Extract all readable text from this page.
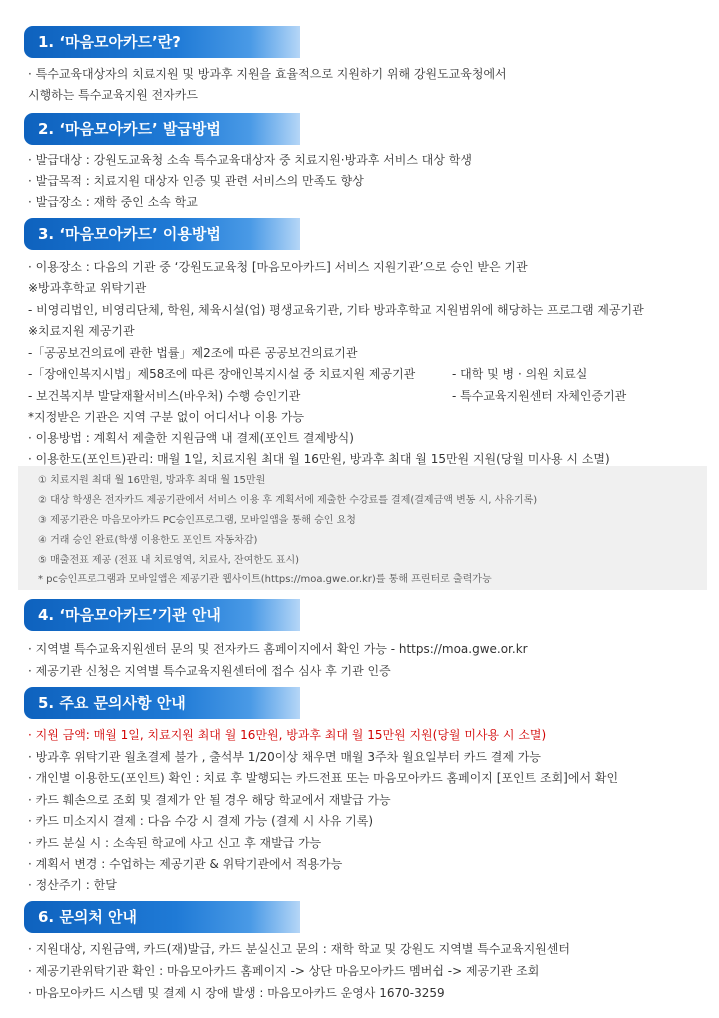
1. ‘마음모아카드’란?
· 특수교육대상자의 치료지원 및 방과후 지원을 효율적으로 지원하기 위해 강원도교육청에서
시행하는 특수교육지원 전자카드
2. ‘마음모아카드’ 발급방법
· 발급대상 : 강원도교육청 소속 특수교육대상자 중 치료지원·방과후 서비스 대상 학생
· 발급목적 : 치료지원 대상자 인증 및 관련 서비스의 만족도 향상
· 발급장소 : 재학 중인 소속 학교
3. ‘마음모아카드’ 이용방법
· 이용장소 : 다음의 기관 중 ‘강원도교육청 [마음모아카드] 서비스 지원기관’으로 승인 받은 기관
※방과후학교 위탁기관
- 비영리법인, 비영리단체, 학원, 체육시설(업) 평생교육기관, 기타 방과후학교 지원범위에 해당하는 프로그램 제공기관
※치료지원 제공기관
-「공공보건의료에 관한 법률」제2조에 따른 공공보건의료기관
-「장애인복지시법」제58조에 따른 장애인복지시설 중 치료지원 제공기관	- 대학 및 병 · 의원 치료실
- 보건복지부 발달재활서비스(바우처) 수행 승인기관	- 특수교육지원센터 자체인증기관
*지정받은 기관은 지역 구분 없이 어디서나 이용 가능
· 이용방법 : 계획서 제출한 지원금액 내 결제(포인트 결제방식)
· 이용한도(포인트)관리: 매월 1일, 치료지원 최대 월 16만원, 방과후 최대 월 15만원 지원(당월 미사용 시 소멸)
① 치료지원 최대 월 16만원, 방과후 최대 월 15만원
② 대상 학생은 전자카드 제공기관에서 서비스 이용 후 계획서에 제출한 수강료를 결제(결제금액 변동 시, 사유기록)
③ 제공기관은 마음모아카드 PC승인프로그램, 모바일앱을 통해 승인 요청
④ 거래 승인 완료(학생 이용한도 포인트 자동차감)
⑤ 매출전표 제공 (전표 내 치료영역, 치료사, 잔여한도 표시)
* pc승인프로그램과 모바일앱은 제공기관 웹사이트(https://moa.gwe.or.kr)를 통해 프린터로 출력가능
4. ‘마음모아카드’기관 안내
· 지역별 특수교육지원센터 문의 및 전자카드 홈페이지에서 확인 가능 - https://moa.gwe.or.kr
· 제공기관 신청은 지역별 특수교육지원센터에 접수 심사 후 기관 인증
5. 주요 문의사항 안내
· 지원 금액: 매월 1일, 치료지원 최대 월 16만원, 방과후 최대 월 15만원 지원(당월 미사용 시 소멸)
· 방과후 위탁기관 월초결제 불가 , 출석부 1/20이상 채우면 매월 3주차 월요일부터 카드 결제 가능
· 개인별 이용한도(포인트) 확인 : 치료 후 발행되는 카드전표 또는 마음모아카드 홈페이지 [포인트 조회]에서 확인
· 카드 훼손으로 조회 및 결제가 안 될 경우 해당 학교에서 재발급 가능
· 카드 미소지시 결제 : 다음 수강 시 결제 가능 (결제 시 사유 기록)
· 카드 분실 시 : 소속된 학교에 사고 신고 후 재발급 가능
· 계획서 변경 : 수업하는 제공기관 & 위탁기관에서 적용가능
· 정산주기 : 한달
6. 문의처 안내
· 지원대상, 지원금액, 카드(재)발급, 카드 분실신고 문의 : 재학 학교 및 강원도 지역별 특수교육지원센터
· 제공기관위탁기관 확인 : 마음모아카드 홈페이지 -> 상단 마음모아카드 멤버쉽 -> 제공기관 조회
· 마음모아카드 시스템 및 결제 시 장애 발생 : 마음모아카드 운영사 1670-3259
